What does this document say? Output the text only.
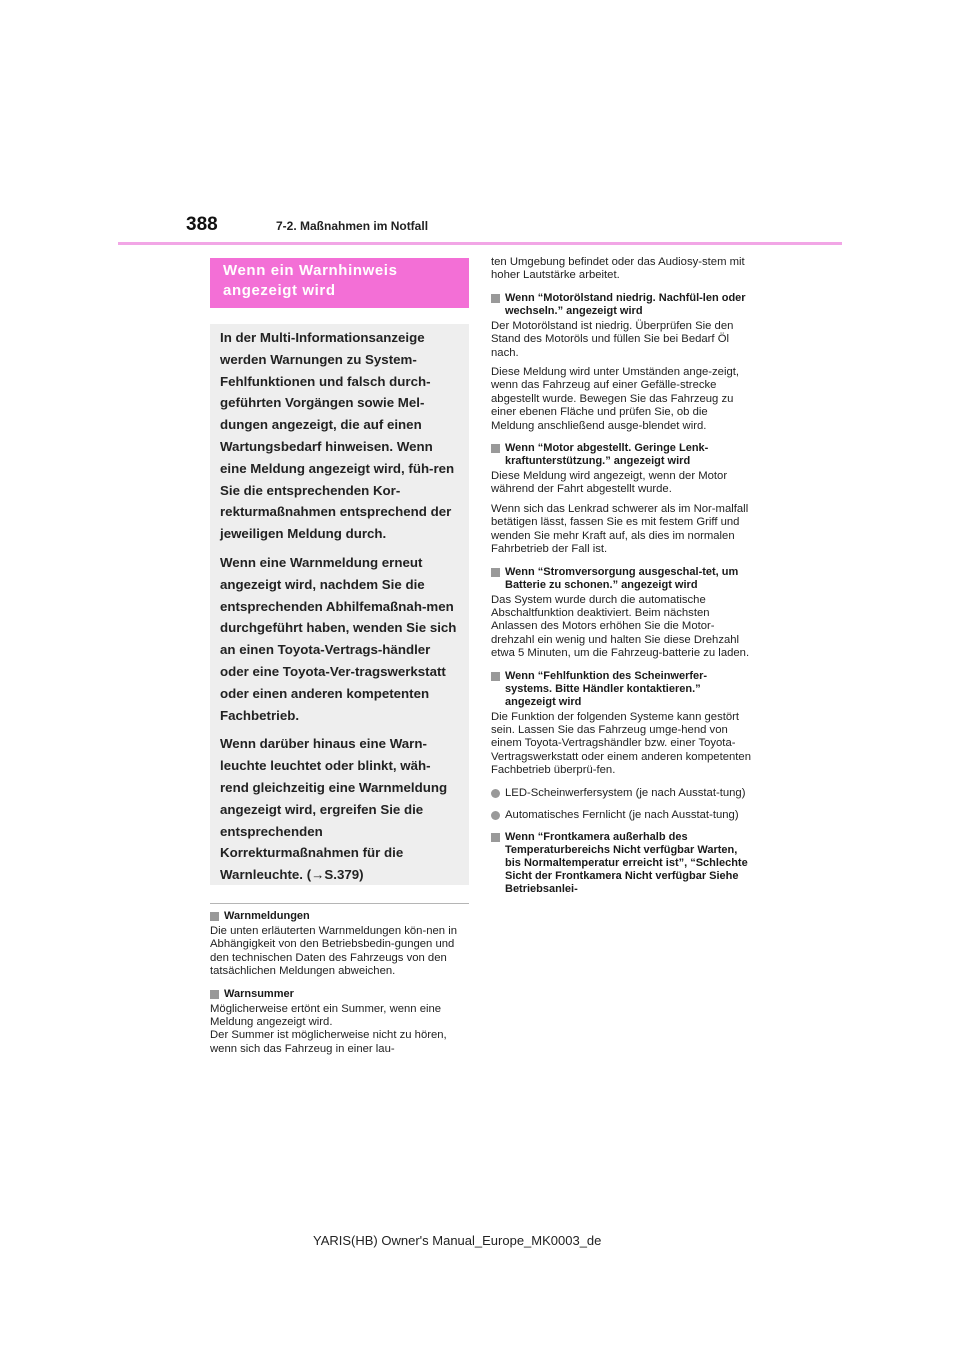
388	7-2. Maßnahmen im Notfall
Wenn ein Warnhinweis angezeigt wird

In der Multi-Informationsanzeige werden Warnungen zu System-Fehlfunktionen und falsch durch-geführten Vorgängen sowie Mel-dungen angezeigt, die auf einen Wartungsbedarf hinweisen. Wenn eine Meldung angezeigt wird, füh-ren Sie die entsprechenden Kor-rekturmaßnahmen entsprechend der jeweiligen Meldung durch.

Wenn eine Warnmeldung erneut angezeigt wird, nachdem Sie die entsprechenden Abhilfemaßnah-men durchgeführt haben, wenden Sie sich an einen Toyota-Vertrags-händler oder eine Toyota-Ver-tragswerkstatt oder einen anderen kompetenten Fachbetrieb.

Wenn darüber hinaus eine Warn-leuchte leuchtet oder blinkt, wäh-rend gleichzeitig eine Warnmeldung angezeigt wird, ergreifen Sie die entsprechenden Korrekturmaßnahmen für die Warnleuchte. (→S.379)

Warnmeldungen

Die unten erläuterten Warnmeldungen kön-nen in Abhängigkeit von den Betriebsbedin-gungen und den technischen Daten des Fahrzeugs von den tatsächlichen Meldungen abweichen.

Warnsummer

Möglicherweise ertönt ein Summer, wenn eine Meldung angezeigt wird.
Der Summer ist möglicherweise nicht zu hören, wenn sich das Fahrzeug in einer lau-

ten Umgebung befindet oder das Audiosy-stem mit hoher Lautstärke arbeitet.

Wenn “Motorölstand niedrig. Nachfül-len oder wechseln.” angezeigt wird

Der Motorölstand ist niedrig. Überprüfen Sie den Stand des Motoröls und füllen Sie bei Bedarf Öl nach.

Diese Meldung wird unter Umständen ange-zeigt, wenn das Fahrzeug auf einer Gefälle-strecke abgestellt wurde. Bewegen Sie das Fahrzeug zu einer ebenen Fläche und prüfen Sie, ob die Meldung anschließend ausge-blendet wird.

Wenn “Motor abgestellt. Geringe Lenk-kraftunterstützung.” angezeigt wird

Diese Meldung wird angezeigt, wenn der Motor während der Fahrt abgestellt wurde.

Wenn sich das Lenkrad schwerer als im Nor-malfall betätigen lässt, fassen Sie es mit festem Griff und wenden Sie mehr Kraft auf, als dies im normalen Fahrbetrieb der Fall ist.

Wenn “Stromversorgung ausgeschal-tet, um Batterie zu schonen.” angezeigt wird

Das System wurde durch die automatische Abschaltfunktion deaktiviert. Beim nächsten Anlassen des Motors erhöhen Sie die Motor-drehzahl ein wenig und halten Sie diese Drehzahl etwa 5 Minuten, um die Fahrzeug-batterie zu laden.

Wenn “Fehlfunktion des Scheinwerfer-systems. Bitte Händler kontaktieren.” angezeigt wird

Die Funktion der folgenden Systeme kann gestört sein. Lassen Sie das Fahrzeug umge-hend von einem Toyota-Vertragshändler bzw. einer Toyota-Vertragswerkstatt oder einem anderen kompetenten Fachbetrieb überprü-fen.

LED-Scheinwerfersystem (je nach Ausstat-tung)
Automatisches Fernlicht (je nach Ausstat-tung)
Wenn “Frontkamera außerhalb des Temperaturbereichs Nicht verfügbar Warten, bis Normaltemperatur erreicht ist”, “Schlechte Sicht der Frontkamera Nicht verfügbar Siehe Betriebsanlei-
YARIS(HB) Owner's Manual_Europe_MK0003_de
